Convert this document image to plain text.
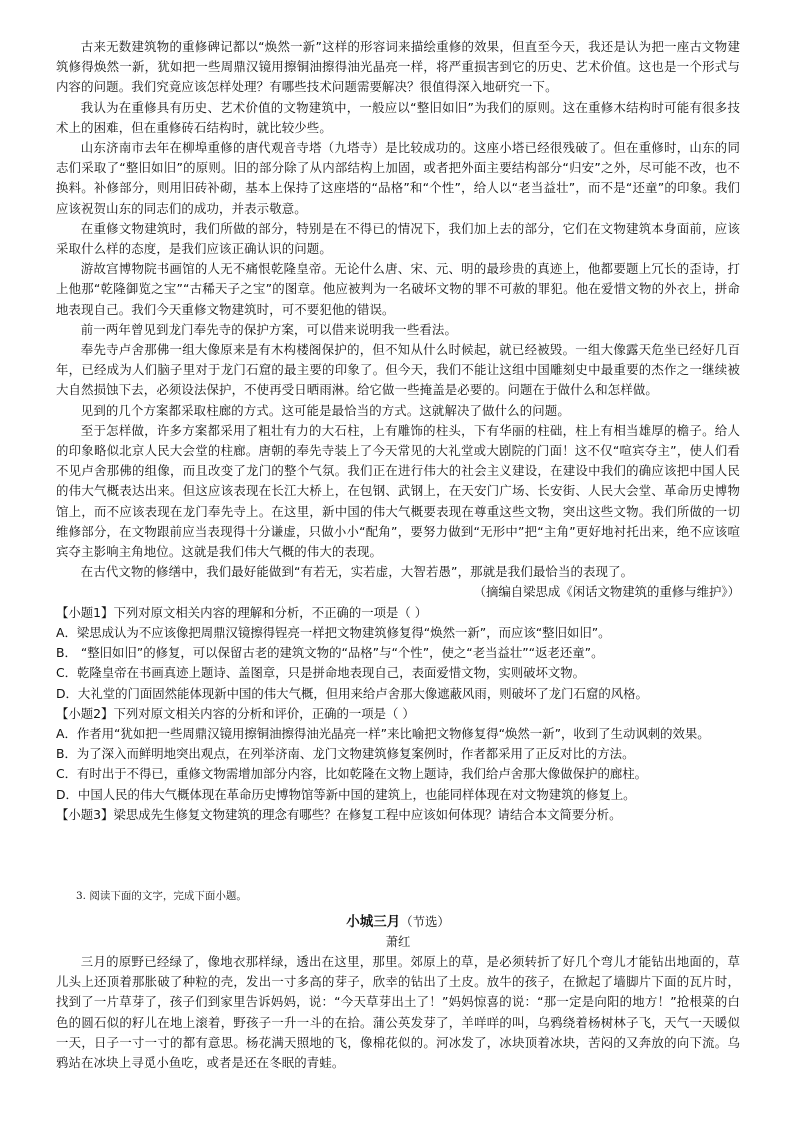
古来无数建筑物的重修碑记都以“焕然一新”这样的形容词来描绘重修的效果，但直至今天，我还是认为把一座古文物建筑修得焕然一新，犹如把一些周鼎汉镜用擦铜油擦得油光晶亮一样，将严重损害到它的历史、艺术价值。这也是一个形式与内容的问题。我们究竟应该怎样处理？有哪些技术问题需要解决？很值得深入地研究一下。

我认为在重修具有历史、艺术价值的文物建筑中，一般应以“整旧如旧”为我们的原则。这在重修木结构时可能有很多技术上的困难，但在重修砖石结构时，就比较少些。

山东济南市去年在柳埠重修的唐代观音寺塔（九塔寺）是比较成功的。这座小塔已经很残破了。但在重修时，山东的同志们采取了“整旧如旧”的原则。旧的部分除了从内部结构上加固，或者把外面主要结构部分“归安”之外，尽可能不改，也不换料。补修部分，则用旧砖补砌，基本上保持了这座塔的“品格”和“个性”，给人以“老当益壮”，而不是“还童”的印象。我们应该祝贺山东的同志们的成功，并表示敬意。

在重修文物建筑时，我们所做的部分，特别是在不得已的情况下，我们加上去的部分，它们在文物建筑本身面前，应该采取什么样的态度，是我们应该正确认识的问题。

游故宫博物院书画馆的人无不痛恨乾隆皇帝。无论什么唐、宋、元、明的最珍贵的真迹上，他都要题上冗长的歪诗，打上他那“乾隆御览之宝”“古稀天子之宝”的图章。他应被判为一名破坏文物的罪不可赦的罪犯。他在爱惜文物的外衣上，拼命地表现自己。我们今天重修文物建筑时，可不要犯他的错误。

前一两年曾见到龙门奉先寺的保护方案，可以借来说明我一些看法。

奉先寺卢舍那佛一组大像原来是有木构楼阁保护的，但不知从什么时候起，就已经被毁。一组大像露天危坐已经好几百年，已经成为人们脑子里对于龙门石窟的最主要的印象了。但今天，我们不能让这组中国雕刻史中最重要的杰作之一继续被大自然损蚀下去，必须设法保护，不使再受日晒雨淋。给它做一些掩盖是必要的。问题在于做什么和怎样做。

见到的几个方案都采取柱廊的方式。这可能是最恰当的方式。这就解决了做什么的问题。

至于怎样做，许多方案都采用了粗壮有力的大石柱，上有雕饰的柱头，下有华丽的柱础，柱上有相当雄厚的檐子。给人的印象略似北京人民大会堂的柱廊。唐朝的奉先寺装上了今天常见的大礼堂或大剧院的门面！这不仅“喧宾夺主”，使人们看不见卢舍那佛的组像，而且改变了龙门的整个气氛。我们正在进行伟大的社会主义建设，在建设中我们的确应该把中国人民的伟大气概表达出来。但这应该表现在长江大桥上，在包钢、武钢上，在天安门广场、长安街、人民大会堂、革命历史博物馆上，而不应该表现在龙门奉先寺上。在这里，新中国的伟大气概要表现在尊重这些文物，突出这些文物。我们所做的一切维修部分，在文物跟前应当表现得十分谦虚，只做小小“配角”，要努力做到“无形中”把“主角”更好地衬托出来，绝不应该喧宾夺主影响主角地位。这就是我们伟大气概的伟大的表现。

在古代文物的修缮中，我们最好能做到“有若无，实若虚，大智若愚”，那就是我们最恰当的表现了。

（摘编自梁思成《闲话文物建筑的重修与维护》）

【小题1】下列对原文相关内容的理解和分析，不正确的一项是（ ）

A．梁思成认为不应该像把周鼎汉镜擦得锃亮一样把文物建筑修复得“焕然一新”，而应该“整旧如旧”。

B． “整旧如旧”的修复，可以保留古老的建筑文物的“品格”与“个性”，使之“老当益壮”“返老还童”。

C．乾隆皇帝在书画真迹上题诗、盖图章，只是拼命地表现自己，表面爱惜文物，实则破坏文物。

D．大礼堂的门面固然能体现新中国的伟大气概，但用来给卢舍那大像遮蔽风雨，则破坏了龙门石窟的风格。

【小题2】下列对原文相关内容的分析和评价，正确的一项是（ ）

A．作者用“犹如把一些周鼎汉镜用擦铜油擦得油光晶亮一样”来比喻把文物修复得“焕然一新”，收到了生动讽刺的效果。

B．为了深入而鲜明地突出观点，在列举济南、龙门文物建筑修复案例时，作者都采用了正反对比的方法。

C．有时出于不得已，重修文物需增加部分内容，比如乾隆在文物上题诗，我们给卢舍那大像做保护的廊柱。

D．中国人民的伟大气概体现在革命历史博物馆等新中国的建筑上，也能同样体现在对文物建筑的修复上。

【小题3】梁思成先生修复文物建筑的理念有哪些？在修复工程中应该如何体现？请结合本文简要分析。

3. 阅读下面的文字，完成下面小题。

小城三月（节选）

萧红

三月的原野已经绿了，像地衣那样绿，透出在这里，那里。郊原上的草，是必须转折了好几个弯儿才能钻出地面的，草儿头上还顶着那胀破了种粒的壳，发出一寸多高的芽子，欣幸的钻出了土皮。放牛的孩子，在掀起了墙脚片下面的瓦片时，找到了一片草芽了，孩子们到家里告诉妈妈，说：“今天草芽出土了！”妈妈惊喜的说：“那一定是向阳的地方！”抢根菜的白色的圆石似的籽儿在地上滚着，野孩子一升一斗的在拾。蒲公英发芽了，羊咩咩的叫，乌鸦绕着杨树林子飞，天气一天暖似一天，日子一寸一寸的都有意思。杨花满天照地的飞，像棉花似的。河冰发了，冰块顶着冰块，苦闷的又奔放的向下流。乌鸦站在冰块上寻觅小鱼吃，或者是还在冬眠的青蛙。
